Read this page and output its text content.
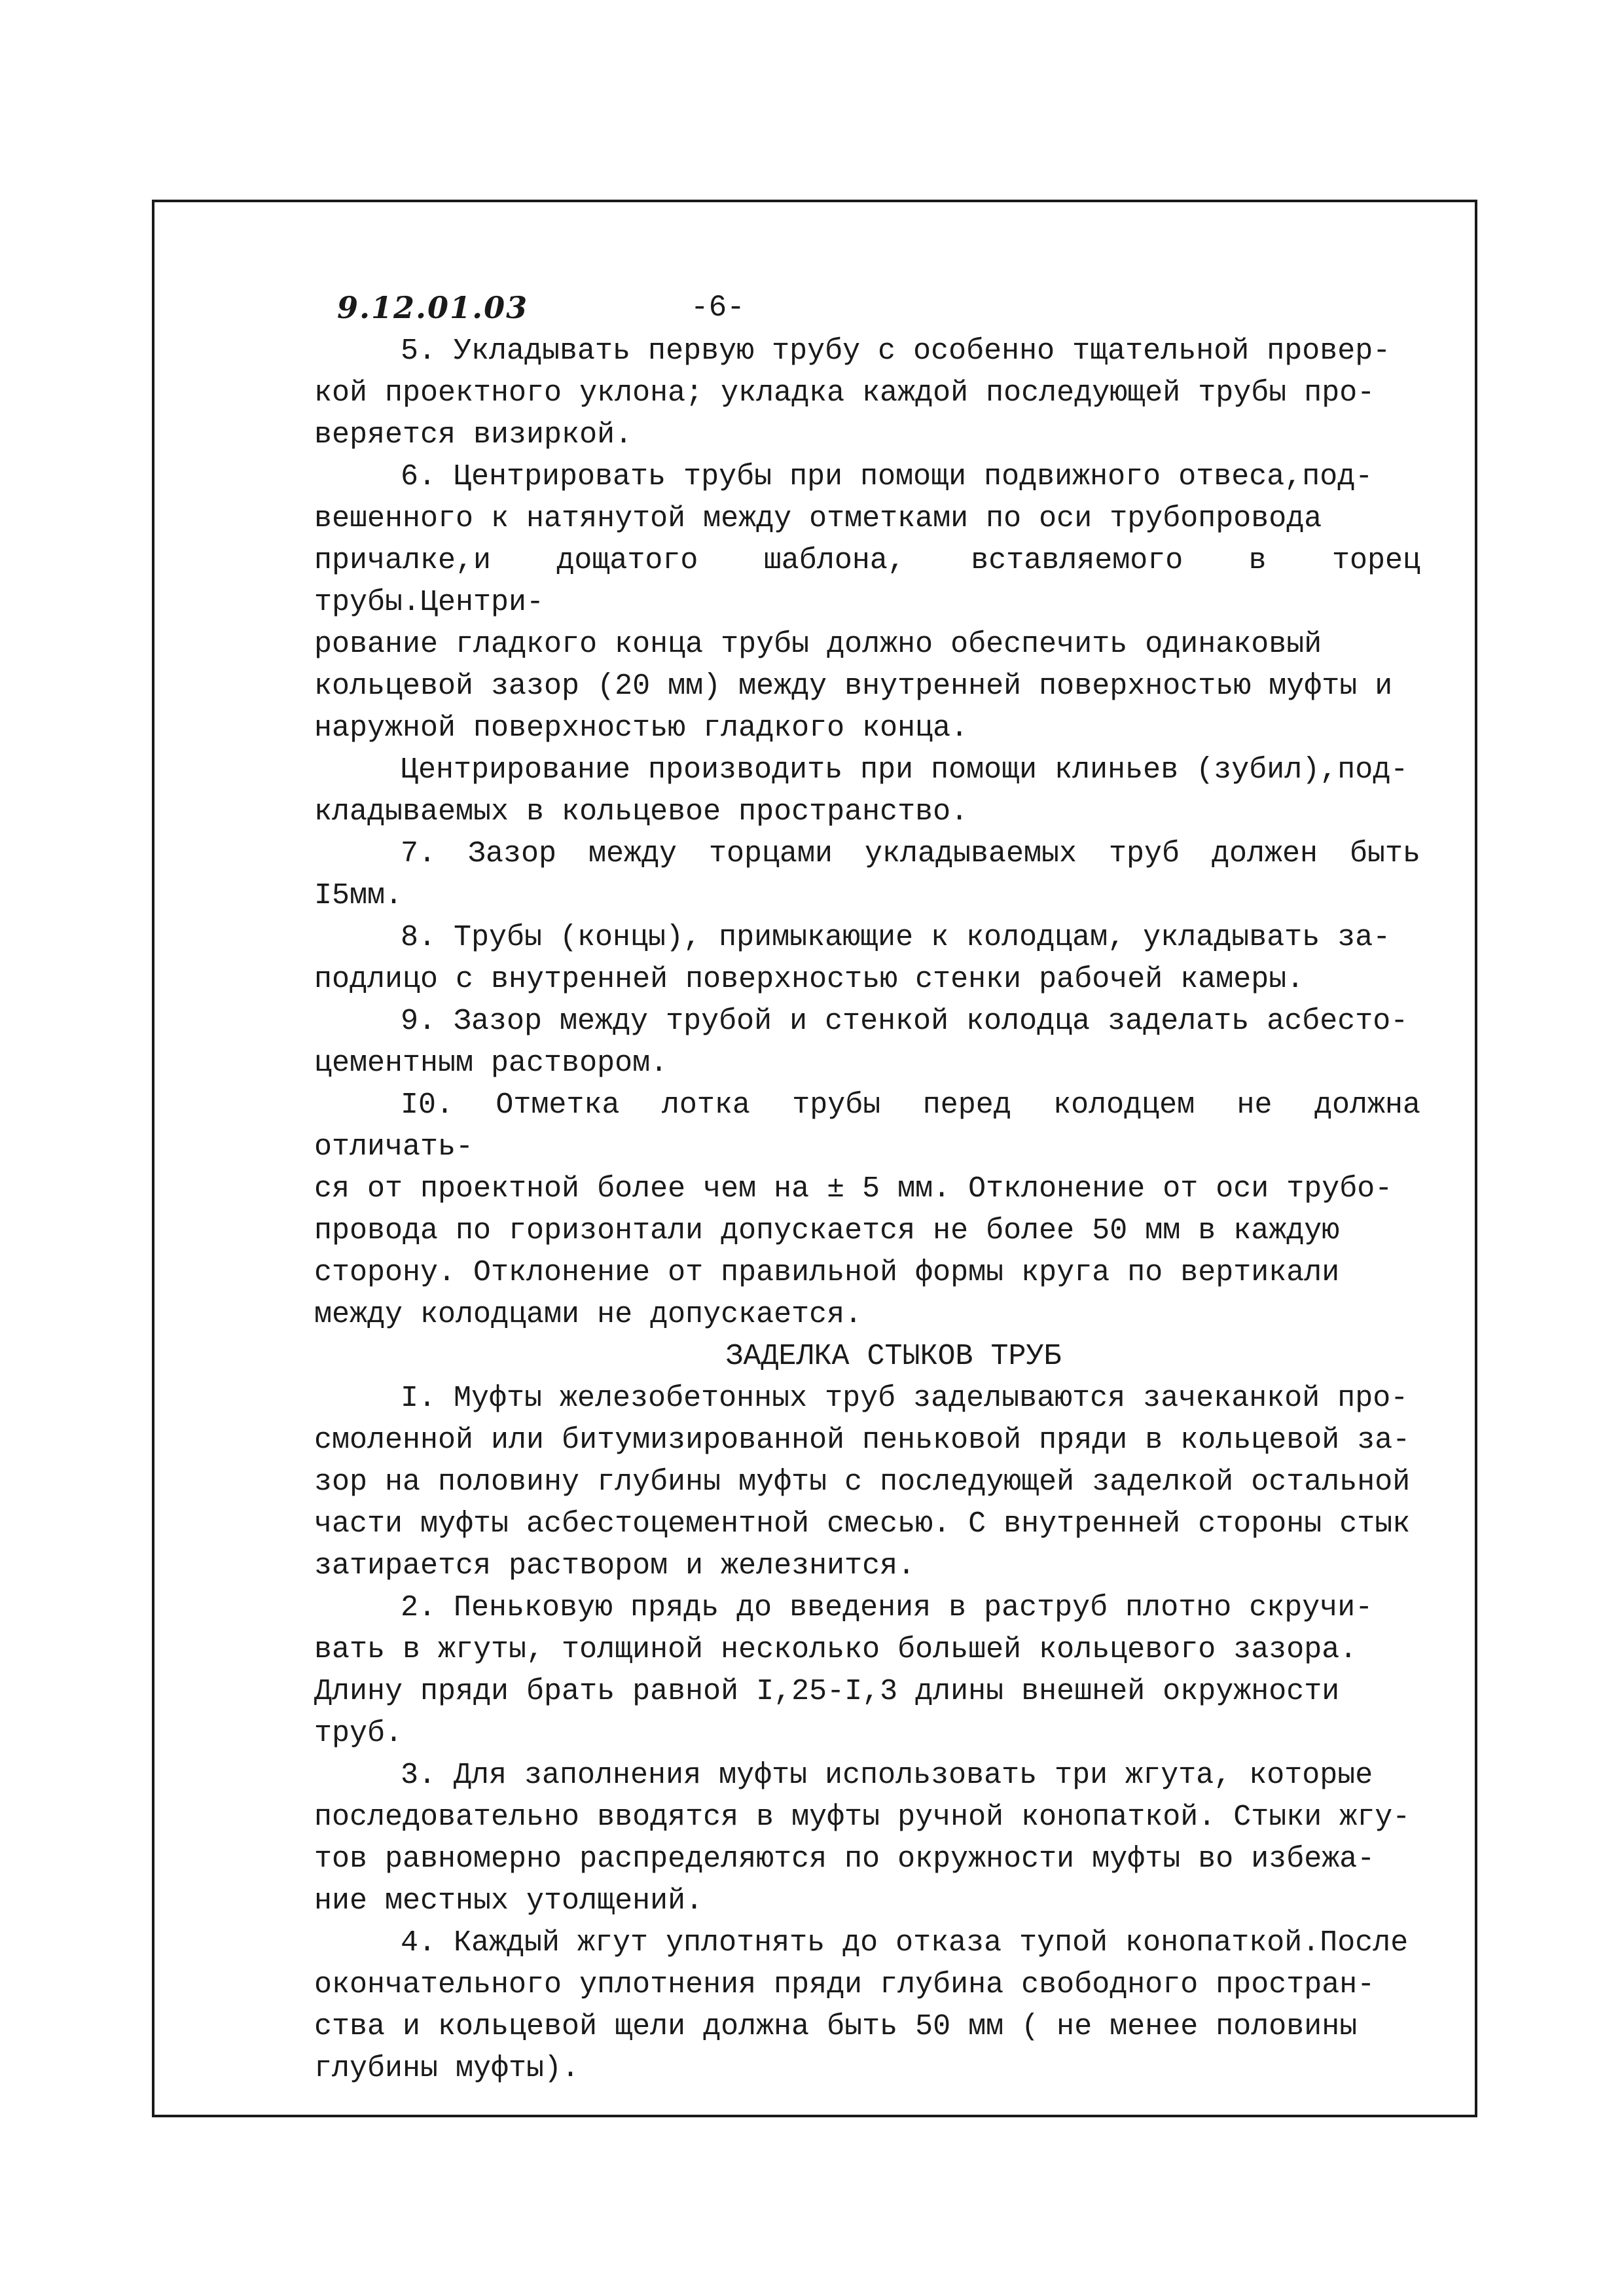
9.12.01.03	-6-

5. Укладывать первую трубу с особенно тщательной провер-
кой проектного уклона; укладка каждой последующей трубы про-
веряется визиркой.

6. Центрировать трубы при помощи подвижного отвеса,под-
вешенного к натянутой между отметками по оси трубопровода
причалке,и дощатого шаблона, вставляемого в торец трубы.Центри-
рование гладкого конца трубы должно обеспечить одинаковый
кольцевой зазор (20 мм) между внутренней поверхностью муфты и
наружной поверхностью гладкого конца.

Центрирование производить при помощи клиньев (зубил),под-
кладываемых в кольцевое пространство.

7. Зазор между торцами укладываемых труб должен быть I5мм.

8. Трубы (концы), примыкающие к колодцам, укладывать за-
подлицо с внутренней поверхностью стенки рабочей камеры.

9. Зазор между трубой и стенкой колодца заделать асбесто-
цементным раствором.

I0. Отметка лотка трубы перед колодцем не должна отличать-
ся от проектной более чем на ± 5 мм. Отклонение от оси трубо-
провода по горизонтали допускается не более 50 мм в каждую
сторону. Отклонение от правильной формы круга по вертикали
между колодцами не допускается.

ЗАДЕЛКА СТЫКОВ ТРУБ

I. Муфты железобетонных труб заделываются зачеканкой про-
смоленной или битумизированной пеньковой пряди в кольцевой за-
зор на половину глубины муфты с последующей заделкой остальной
части муфты асбестоцементной смесью. С внутренней стороны стык
затирается раствором и железнится.

2. Пеньковую прядь до введения в раструб плотно скручи-
вать в жгуты, толщиной несколько большей кольцевого зазора.
Длину пряди брать равной I,25-I,3 длины внешней окружности
труб.

3. Для заполнения муфты использовать три жгута, которые
последовательно вводятся в муфты ручной конопаткой. Стыки жгу-
тов равномерно распределяются по окружности муфты во избежа-
ние местных утолщений.

4. Каждый жгут уплотнять до отказа тупой конопаткой.После
окончательного уплотнения пряди глубина свободного простран-
ства и кольцевой щели должна быть 50 мм ( не менее половины
глубины муфты).
